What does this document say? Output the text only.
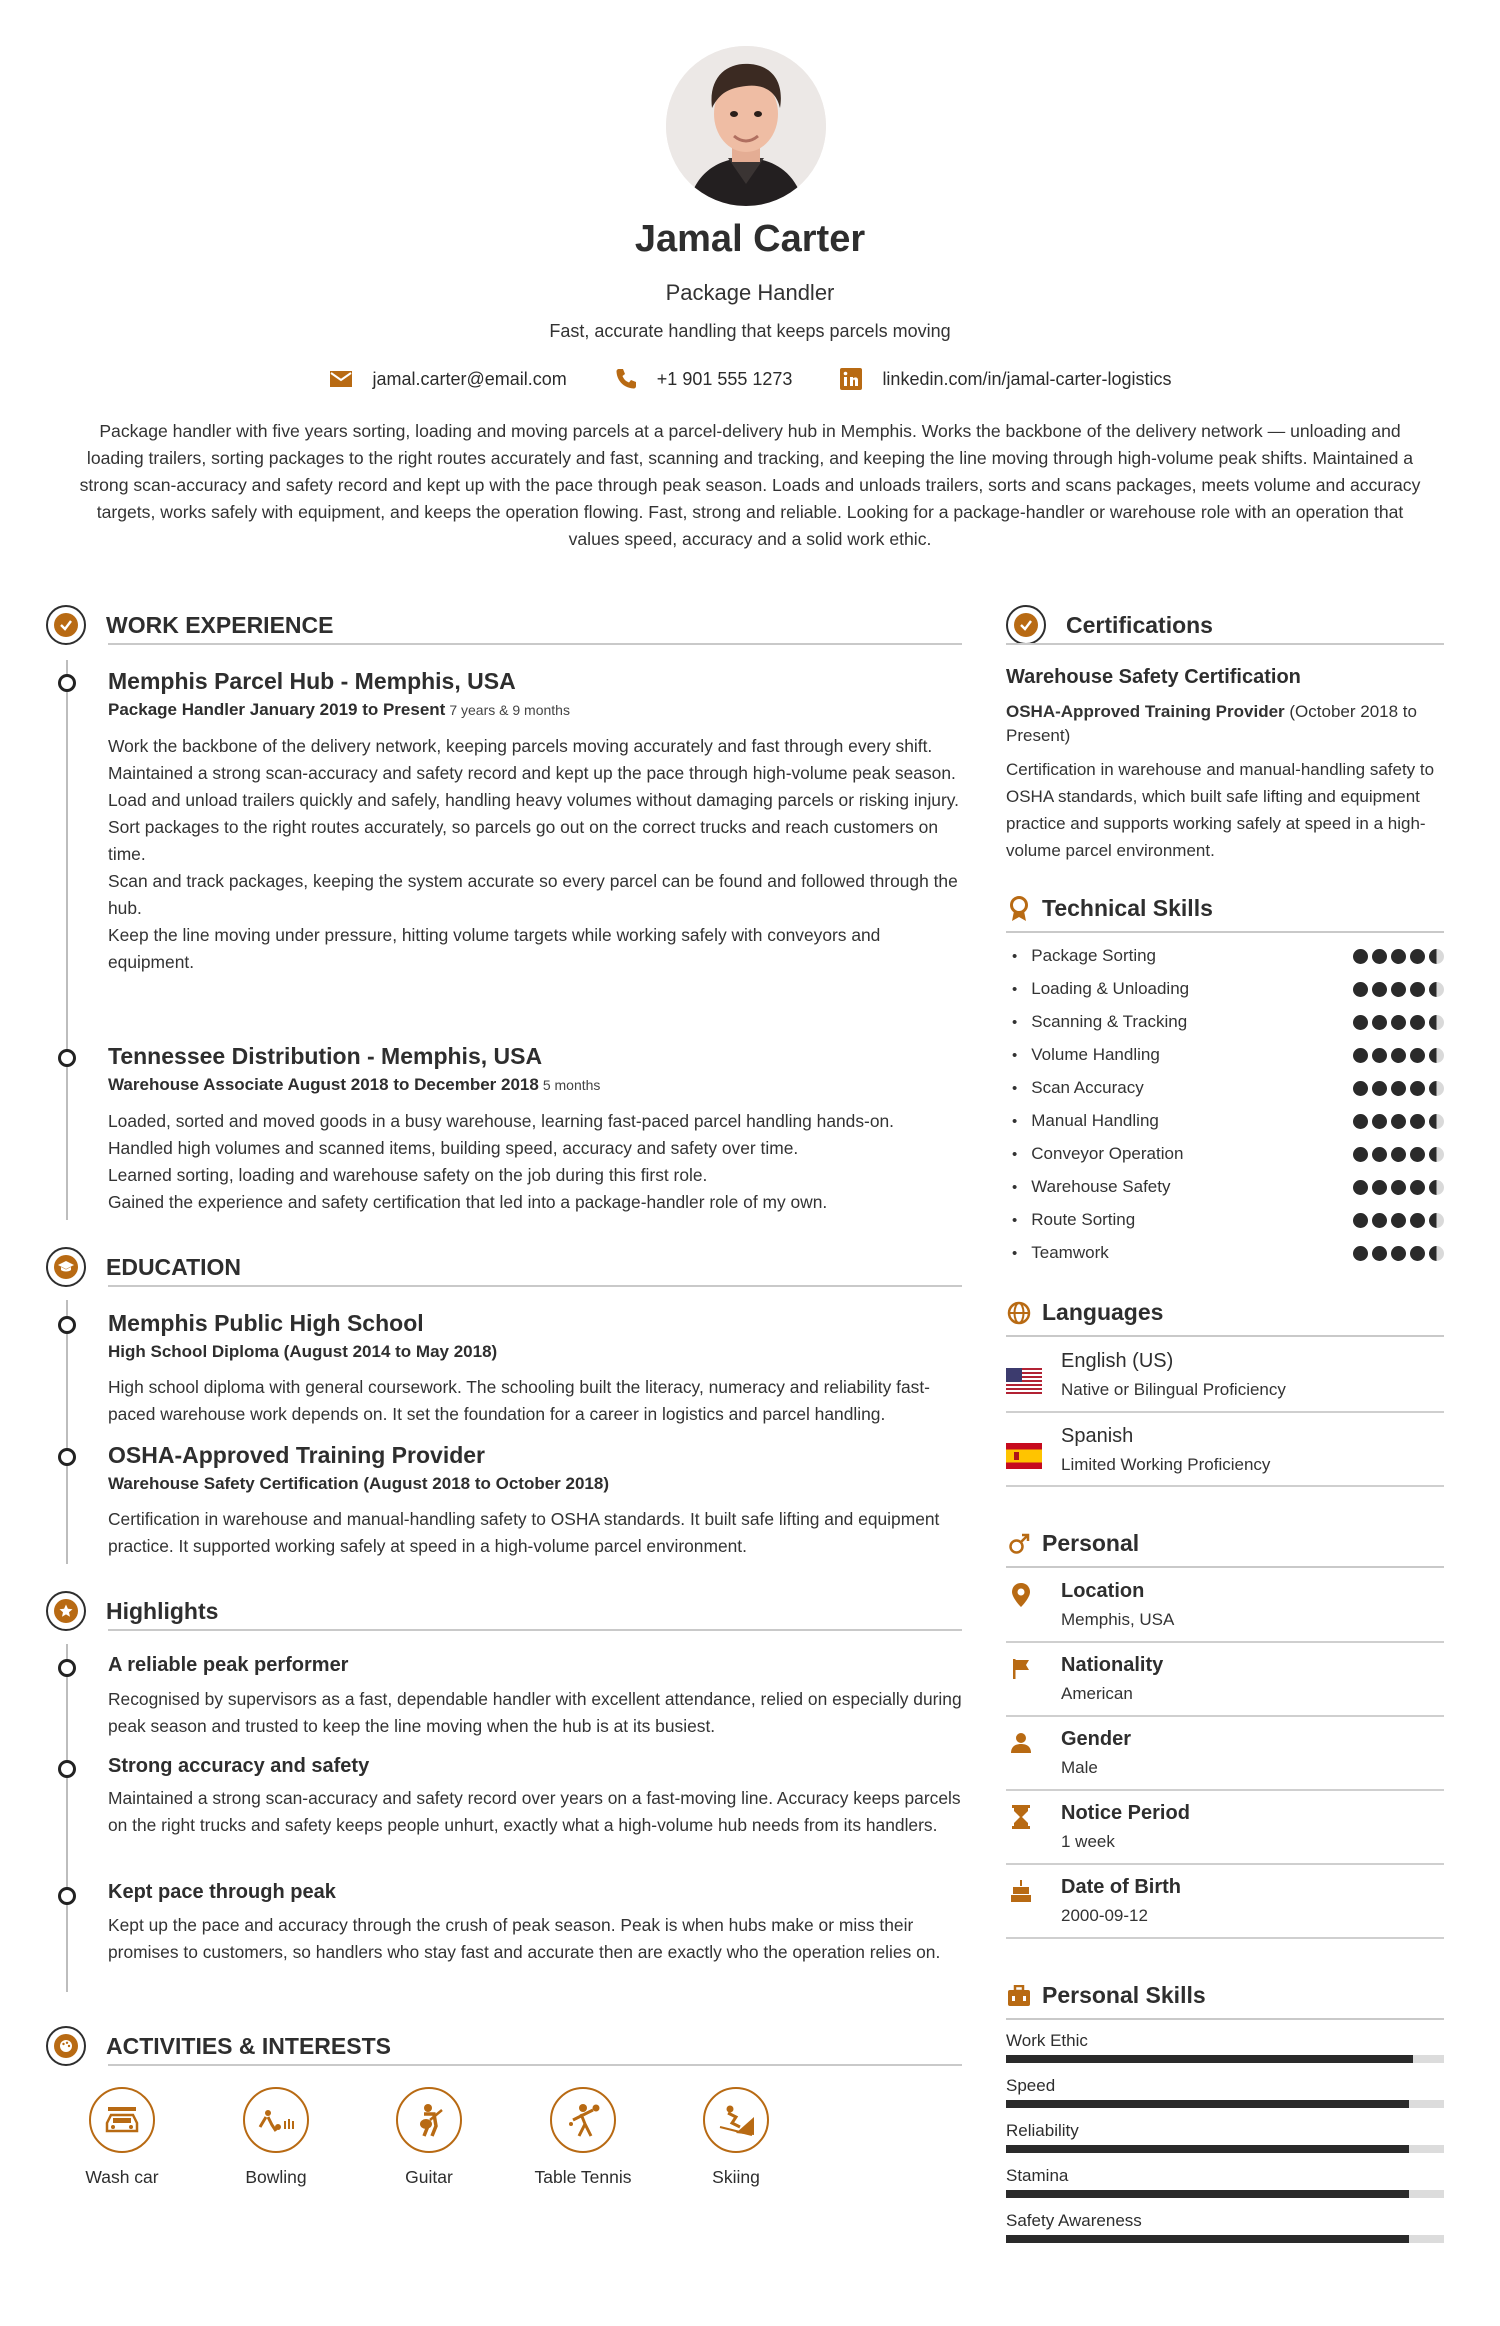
Jamal Carter
Package Handler
Fast, accurate handling that keeps parcels moving
jamal.carter@email.com	+1 901 555 1273	linkedin.com/in/jamal-carter-logistics
Package handler with five years sorting, loading and moving parcels at a parcel-delivery hub in Memphis. Works the backbone of the delivery network — unloading and loading trailers, sorting packages to the right routes accurately and fast, scanning and tracking, and keeping the line moving through high-volume peak shifts. Maintained a strong scan-accuracy and safety record and kept up with the pace through peak season. Loads and unloads trailers, sorts and scans packages, meets volume and accuracy targets, works safely with equipment, and keeps the operation flowing. Fast, strong and reliable. Looking for a package-handler or warehouse role with an operation that values speed, accuracy and a solid work ethic.
WORK EXPERIENCE
Memphis Parcel Hub - Memphis, USA
Package Handler January 2019 to Present 7 years & 9 months
Work the backbone of the delivery network, keeping parcels moving accurately and fast through every shift.
Maintained a strong scan-accuracy and safety record and kept up the pace through high-volume peak season.
Load and unload trailers quickly and safely, handling heavy volumes without damaging parcels or risking injury.
Sort packages to the right routes accurately, so parcels go out on the correct trucks and reach customers on time.
Scan and track packages, keeping the system accurate so every parcel can be found and followed through the hub.
Keep the line moving under pressure, hitting volume targets while working safely with conveyors and equipment.
Tennessee Distribution - Memphis, USA
Warehouse Associate August 2018 to December 2018 5 months
Loaded, sorted and moved goods in a busy warehouse, learning fast-paced parcel handling hands-on.
Handled high volumes and scanned items, building speed, accuracy and safety over time.
Learned sorting, loading and warehouse safety on the job during this first role.
Gained the experience and safety certification that led into a package-handler role of my own.
EDUCATION
Memphis Public High School
High School Diploma (August 2014 to May 2018)
High school diploma with general coursework. The schooling built the literacy, numeracy and reliability fast-paced warehouse work depends on. It set the foundation for a career in logistics and parcel handling.
OSHA-Approved Training Provider
Warehouse Safety Certification (August 2018 to October 2018)
Certification in warehouse and manual-handling safety to OSHA standards. It built safe lifting and equipment practice. It supported working safely at speed in a high-volume parcel environment.
Highlights
A reliable peak performer
Recognised by supervisors as a fast, dependable handler with excellent attendance, relied on especially during peak season and trusted to keep the line moving when the hub is at its busiest.
Strong accuracy and safety
Maintained a strong scan-accuracy and safety record over years on a fast-moving line. Accuracy keeps parcels on the right trucks and safety keeps people unhurt, exactly what a high-volume hub needs from its handlers.
Kept pace through peak
Kept up the pace and accuracy through the crush of peak season. Peak is when hubs make or miss their promises to customers, so handlers who stay fast and accurate then are exactly who the operation relies on.
ACTIVITIES & INTERESTS
Wash car	Bowling	Guitar	Table Tennis	Skiing
Certifications
Warehouse Safety Certification
OSHA-Approved Training Provider (October 2018 to Present)
Certification in warehouse and manual-handling safety to OSHA standards, which built safe lifting and equipment practice and supports working safely at speed in a high-volume parcel environment.
Technical Skills
• Package Sorting
• Loading & Unloading
• Scanning & Tracking
• Volume Handling
• Scan Accuracy
• Manual Handling
• Conveyor Operation
• Warehouse Safety
• Route Sorting
• Teamwork
Languages
English (US)
Native or Bilingual Proficiency
Spanish
Limited Working Proficiency
Personal
Location
Memphis, USA
Nationality
American
Gender
Male
Notice Period
1 week
Date of Birth
2000-09-12
Personal Skills
Work Ethic
Speed
Reliability
Stamina
Safety Awareness
